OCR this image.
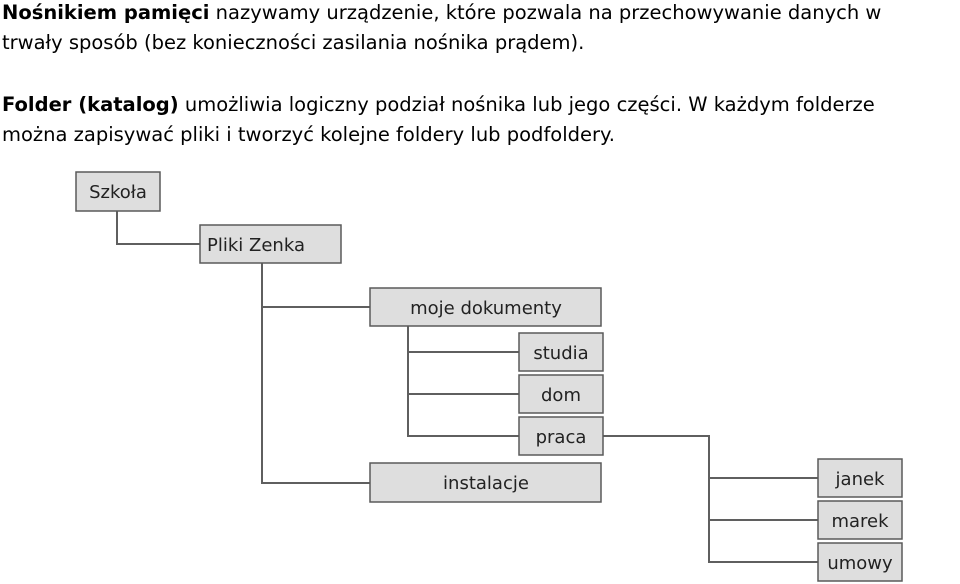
Nośnikiem pamięci nazywamy urządzenie, które pozwala na przechowywanie danych w
trwały sposób (bez konieczności zasilania nośnika prądem).

Folder (katalog) umożliwia logiczny podział nośnika lub jego części. W każdym folderze
można zapisywać pliki i tworzyć kolejne foldery lub podfoldery.

Szkoła
Pliki Zenka
moje dokumenty
studia
dom
praca
instalacje	janek
marek
umowy
